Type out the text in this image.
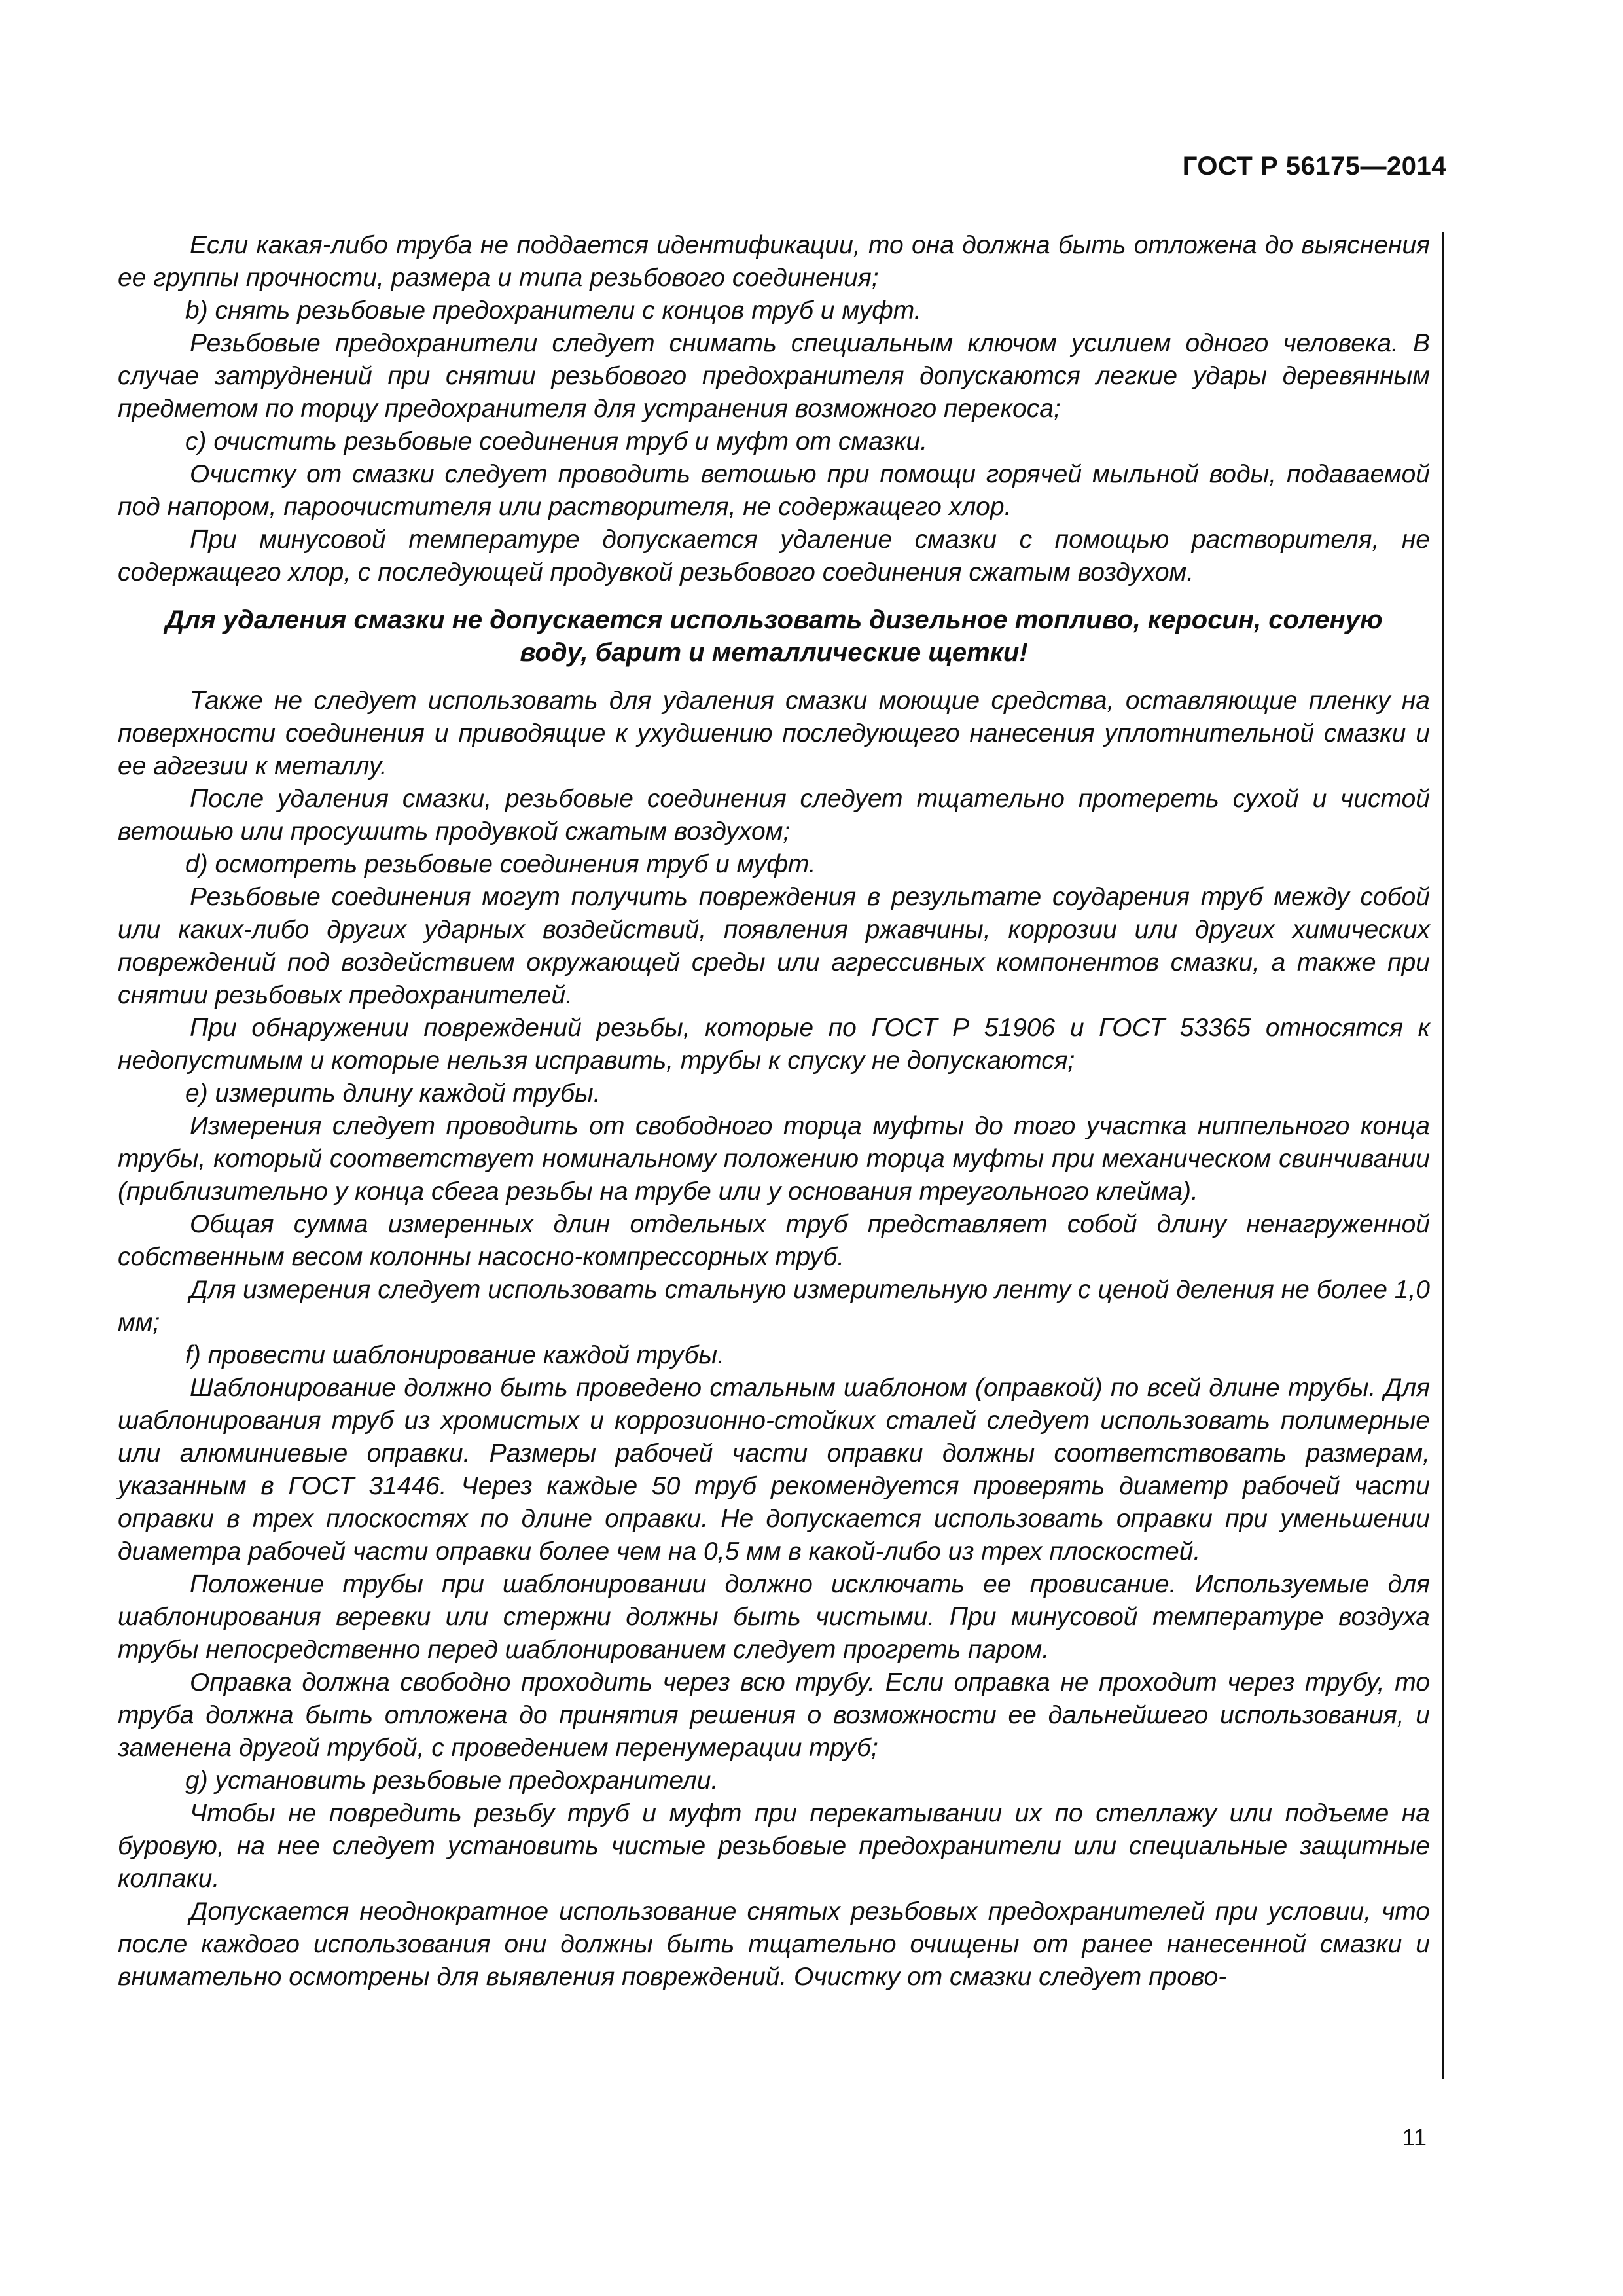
ГОСТ Р 56175—2014

Если какая-либо труба не поддается идентификации, то она должна быть отложена до выяснения ее группы прочности, размера и типа резьбового соединения;

b) снять резьбовые предохранители с концов труб и муфт.

Резьбовые предохранители следует снимать специальным ключом усилием одного человека. В случае затруднений при снятии резьбового предохранителя допускаются легкие удары деревянным предметом по торцу предохранителя для устранения возможного перекоса;

c) очистить резьбовые соединения труб и муфт от смазки.

Очистку от смазки следует проводить ветошью при помощи горячей мыльной воды, подаваемой под напором, пароочистителя или растворителя, не содержащего хлор.

При минусовой температуре допускается удаление смазки с помощью растворителя, не содержащего хлор, с последующей продувкой резьбового соединения сжатым воздухом.

Для удаления смазки не допускается использовать дизельное топливо, керосин, соленую воду, барит и металлические щетки!

Также не следует использовать для удаления смазки моющие средства, оставляющие пленку на поверхности соединения и приводящие к ухудшению последующего нанесения уплотнительной смазки и ее адгезии к металлу.

После удаления смазки, резьбовые соединения следует тщательно протереть сухой и чистой ветошью или просушить продувкой сжатым воздухом;

d) осмотреть резьбовые соединения труб и муфт.

Резьбовые соединения могут получить повреждения в результате соударения труб между собой или каких-либо других ударных воздействий, появления ржавчины, коррозии или других химических повреждений под воздействием окружающей среды или агрессивных компонентов смазки, а также при снятии резьбовых предохранителей.

При обнаружении повреждений резьбы, которые по ГОСТ Р 51906 и ГОСТ 53365 относятся к недопустимым и которые нельзя исправить, трубы к спуску не допускаются;

e) измерить длину каждой трубы.

Измерения следует проводить от свободного торца муфты до того участка ниппельного конца трубы, который соответствует номинальному положению торца муфты при механическом свинчивании (приблизительно у конца сбега резьбы на трубе или у основания треугольного клейма).

Общая сумма измеренных длин отдельных труб представляет собой длину ненагруженной собственным весом колонны насосно-компрессорных труб.

Для измерения следует использовать стальную измерительную ленту с ценой деления не более 1,0 мм;

f) провести шаблонирование каждой трубы.

Шаблонирование должно быть проведено стальным шаблоном (оправкой) по всей длине трубы. Для шаблонирования труб из хромистых и коррозионно-стойких сталей следует использовать полимерные или алюминиевые оправки. Размеры рабочей части оправки должны соответствовать размерам, указанным в ГОСТ 31446. Через каждые 50 труб рекомендуется проверять диаметр рабочей части оправки в трех плоскостях по длине оправки. Не допускается использовать оправки при уменьшении диаметра рабочей части оправки более чем на 0,5 мм в какой-либо из трех плоскостей.

Положение трубы при шаблонировании должно исключать ее провисание. Используемые для шаблонирования веревки или стержни должны быть чистыми. При минусовой температуре воздуха трубы непосредственно перед шаблонированием следует прогреть паром.

Оправка должна свободно проходить через всю трубу. Если оправка не проходит через трубу, то труба должна быть отложена до принятия решения о возможности ее дальнейшего использования, и заменена другой трубой, с проведением перенумерации труб;

g) установить резьбовые предохранители.

Чтобы не повредить резьбу труб и муфт при перекатывании их по стеллажу или подъеме на буровую, на нее следует установить чистые резьбовые предохранители или специальные защитные колпаки.

Допускается неоднократное использование снятых резьбовых предохранителей при условии, что после каждого использования они должны быть тщательно очищены от ранее нанесенной смазки и внимательно осмотрены для выявления повреждений. Очистку от смазки следует прово-

11
